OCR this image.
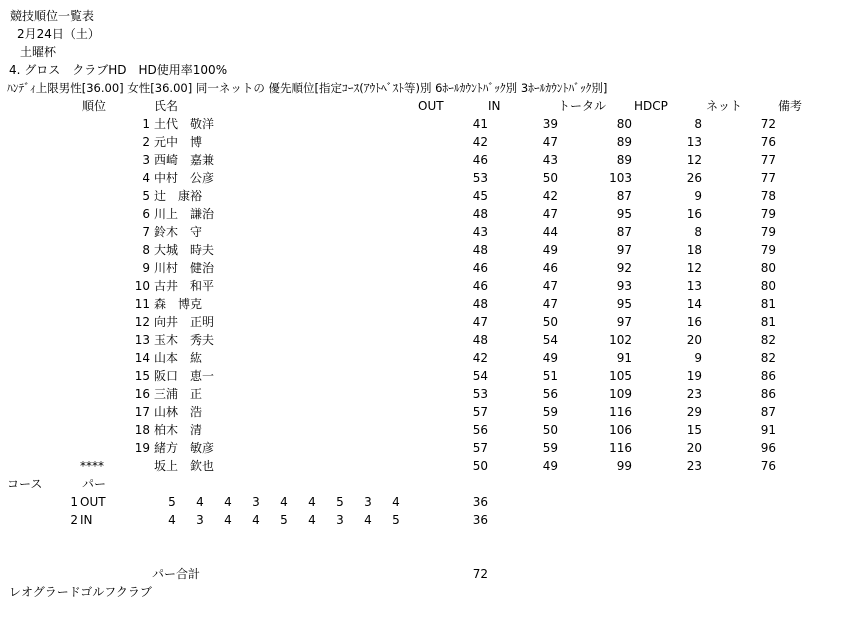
競技順位一覧表
2月24日（土）
土曜杯
4. グロス　クラブHD　HD使用率100%
ﾊﾝﾃﾞｨ上限男性[36.00] 女性[36.00] 同一ネットの 優先順位[指定ｺｰｽ(ｱｳﾄﾍﾞｽﾄ等)別 6ﾎｰﾙｶｳﾝﾄﾊﾞｯｸ別 3ﾎｰﾙｶｳﾝﾄﾊﾞｯｸ別]
順位	氏名	OUT	IN	トータル HDCP	ネット	備考
1 土代　敬洋	41	39	80	8	72
2 元中　博	42	47	89	13	76
3 西崎　嘉兼	46	43	89	12	77
4 中村　公彦	53	50	103	26	77
5 辻　康裕	45	42	87	9	78
6 川上　謙治	48	47	95	16	79
7 鈴木　守	43	44	87	8	79
8 大城　時夫	48	49	97	18	79
9 川村　健治	46	46	92	12	80
10 古井　和平	46	47	93	13	80
11 森　博克	48	47	95	14	81
12 向井　正明	47	50	97	16	81
13 玉木　秀夫	48	54	102	20	82
14 山本　紘	42	49	91	9	82
15 阪口　恵一	54	51	105	19	86
16 三浦　正	53	56	109	23	86
17 山林　浩	57	59	116	29	87
18 柏木　清	56	50	106	15	91
19 緒方　敏彦	57	59	116	20	96
****	坂上　欽也	50	49	99	23	76
コース	パー
1 OUT	5 4 4 3 4 4 5 3 4	36
2 IN	4 3 4 4 5 4 3 4 5	36
パー合計	72
レオグラードゴルフクラブ
